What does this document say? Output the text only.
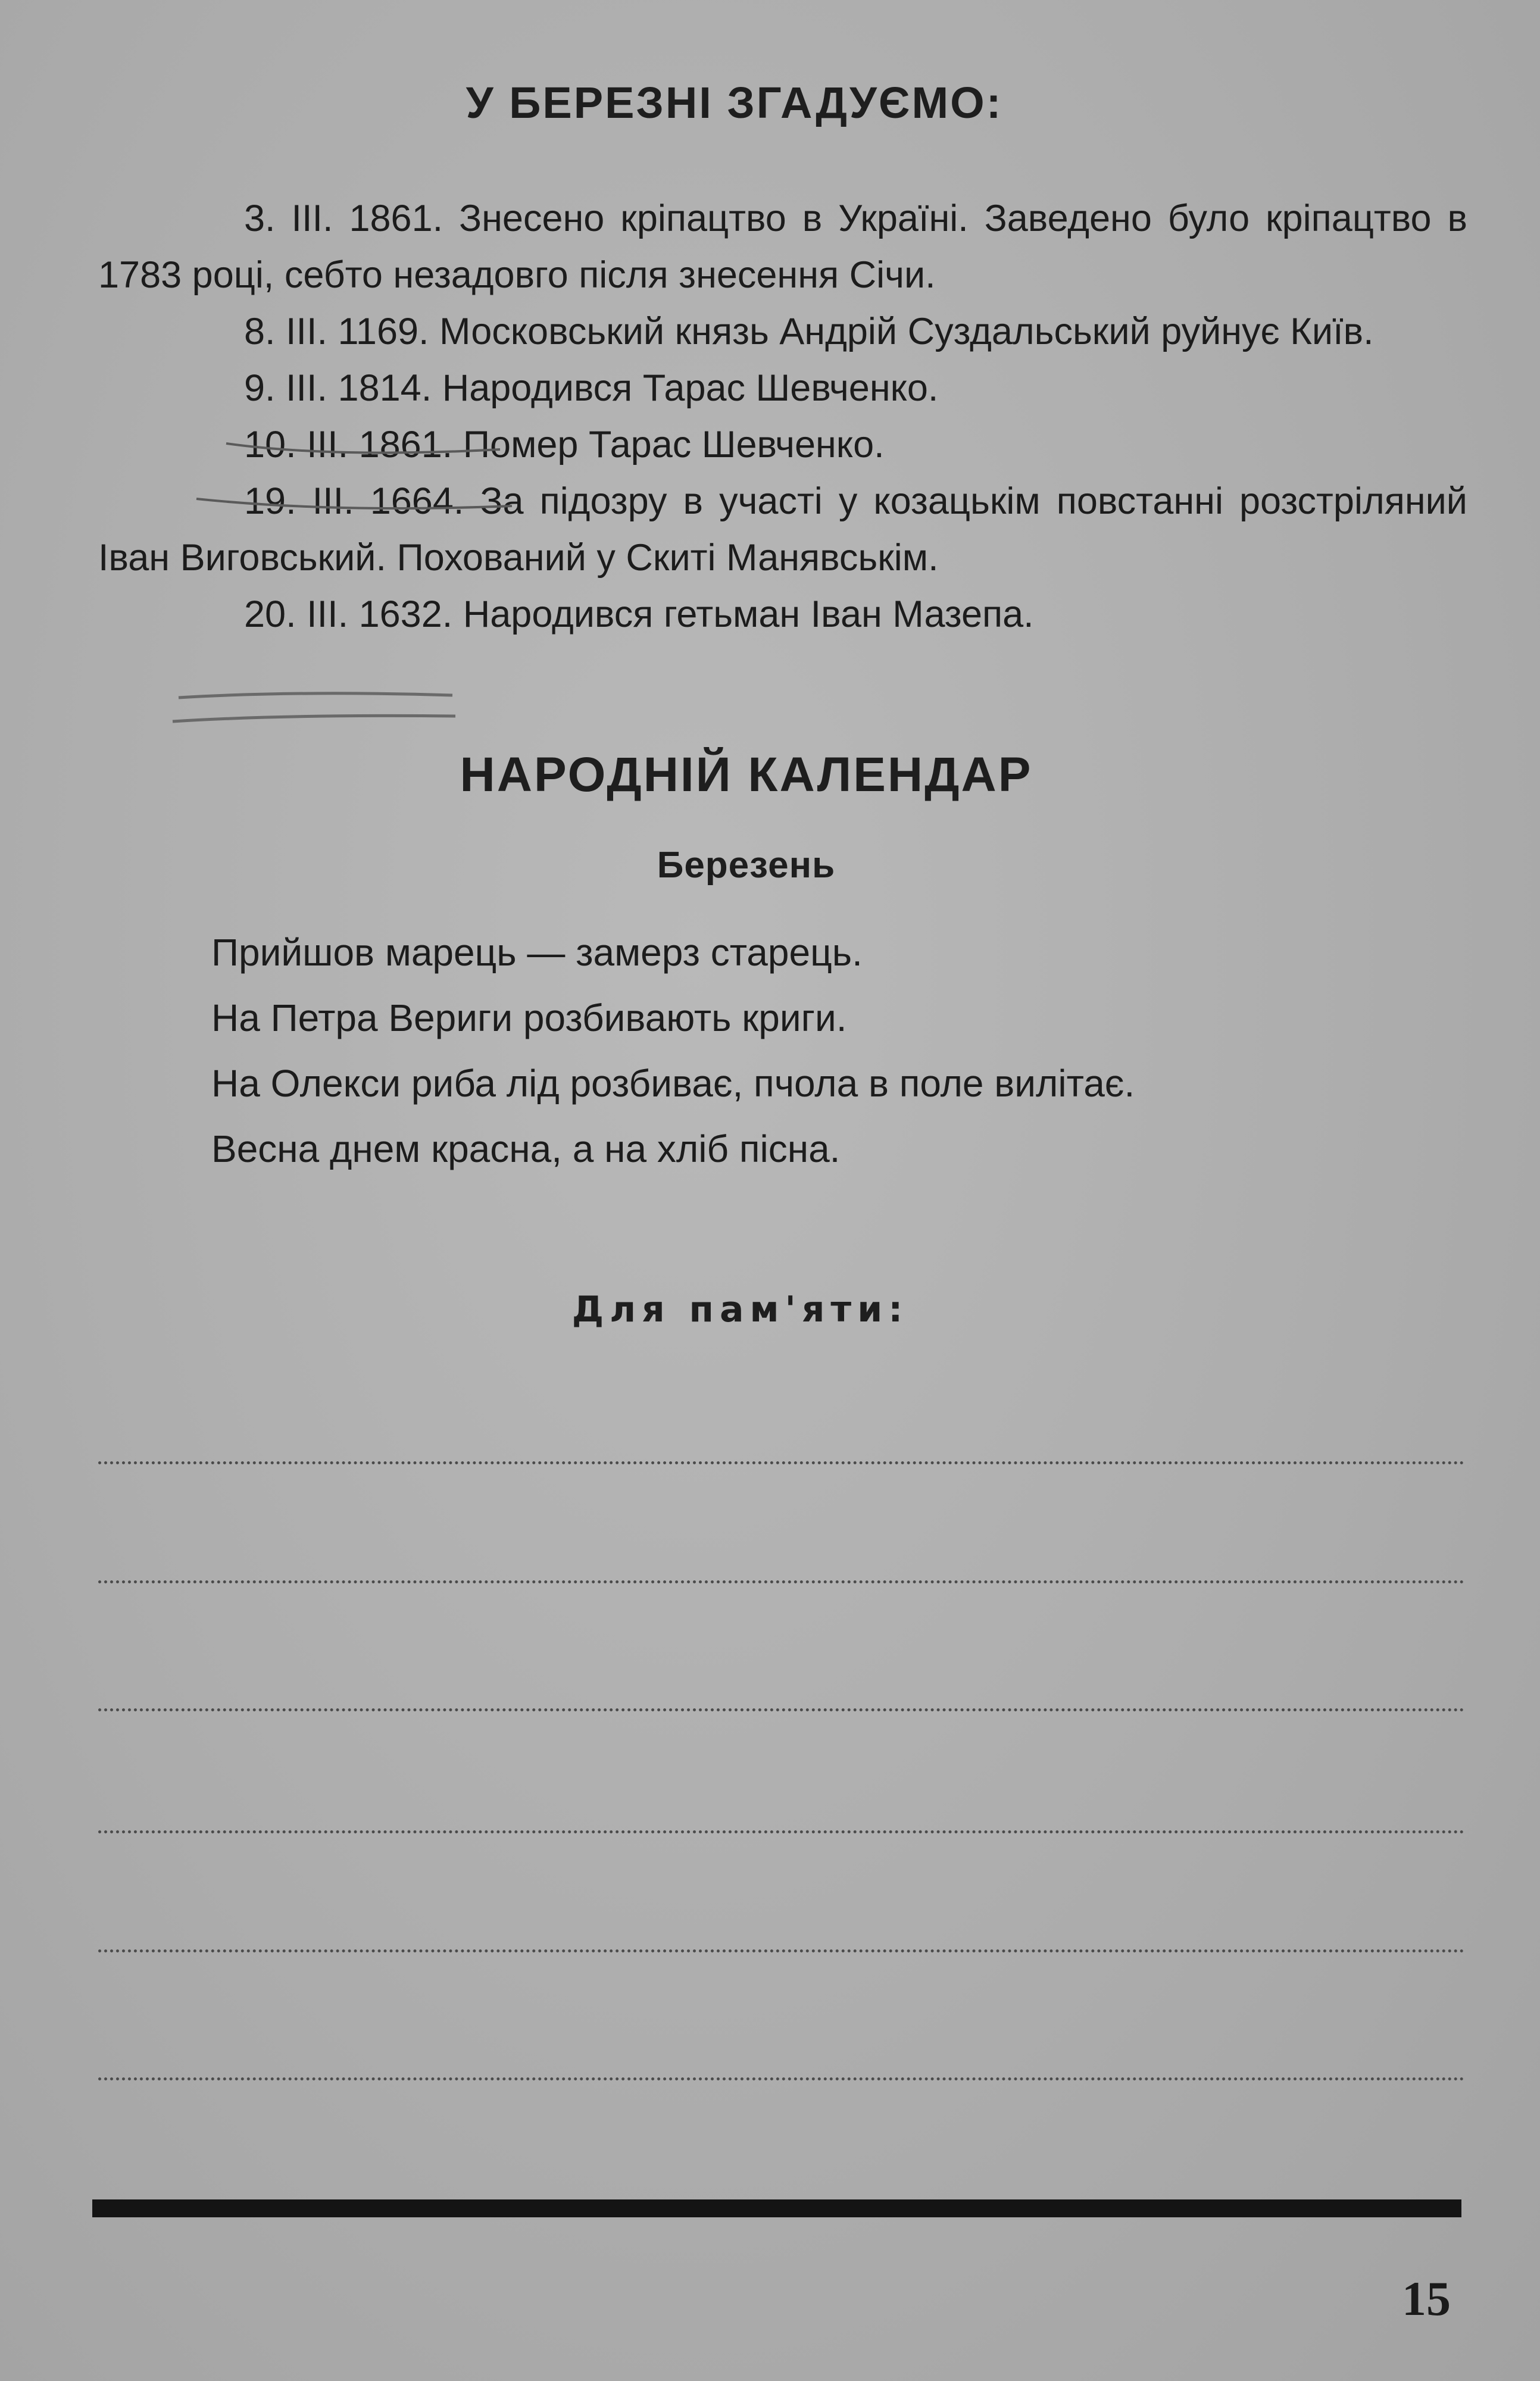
У БЕРЕЗНІ ЗГАДУЄМО:

3. III. 1861. Знесено кріпацтво в Україні. Заведено було кріпацтво в 1783 році, себто незадовго після знесення Січи.

8. III. 1169. Московський князь Андрій Суздальський руйнує Київ.

9. III. 1814. Народився Тарас Шевченко.

10. III. 1861. Помер Тарас Шевченко.

19. III. 1664. За підозру в участі у козацькім повстанні розстріляний Іван Виговський. Похований у Скиті Манявськім.

20. III. 1632. Народився гетьман Іван Мазепа.

НАРОДНІЙ КАЛЕНДАР
Березень

Прийшов марець — замерз старець.

На Петра Вериги розбивають криги.

На Олекси риба лід розбиває, пчола в поле вилітає.

Весна днем красна, а на хліб пісна.

Для пам'яти:
15
